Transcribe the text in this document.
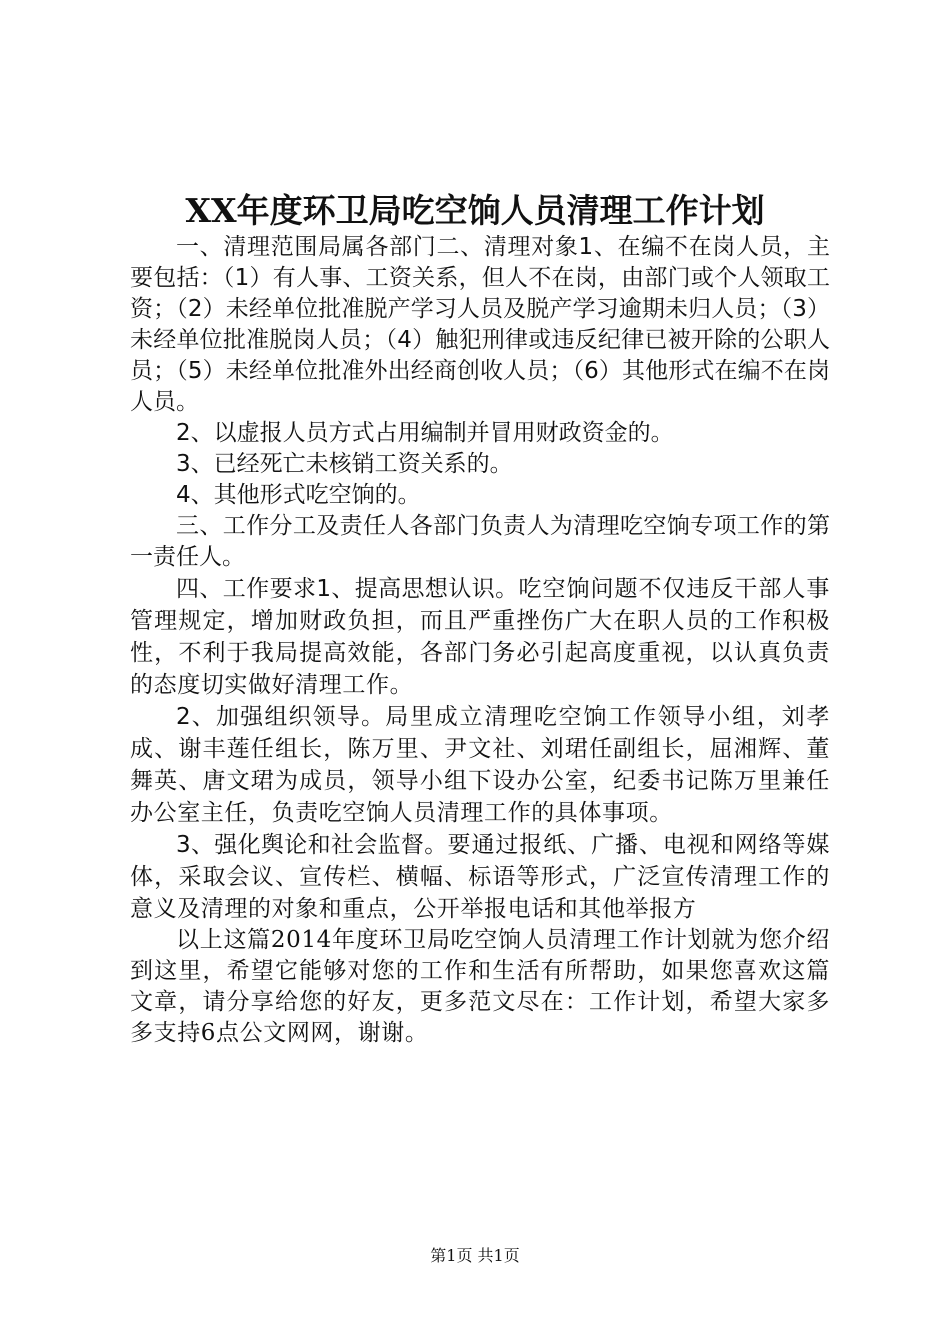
XX年度环卫局吃空饷人员清理工作计划

一、清理范围局属各部门二、清理对象1、在编不在岗人员，主要包括：（1）有人事、工资关系，但人不在岗，由部门或个人领取工资；（2）未经单位批准脱产学习人员及脱产学习逾期未归人员；（3）未经单位批准脱岗人员；（4）触犯刑律或违反纪律已被开除的公职人员；（5）未经单位批准外出经商创收人员；（6）其他形式在编不在岗人员。

2、以虚报人员方式占用编制并冒用财政资金的。

3、已经死亡未核销工资关系的。

4、其他形式吃空饷的。

三、工作分工及责任人各部门负责人为清理吃空饷专项工作的第一责任人。

四、工作要求1、提高思想认识。吃空饷问题不仅违反干部人事管理规定，增加财政负担，而且严重挫伤广大在职人员的工作积极性，不利于我局提高效能，各部门务必引起高度重视，以认真负责的态度切实做好清理工作。

2、加强组织领导。局里成立清理吃空饷工作领导小组，刘孝成、谢丰莲任组长，陈万里、尹文社、刘珺任副组长，屈湘辉、董舞英、唐文珺为成员，领导小组下设办公室，纪委书记陈万里兼任办公室主任，负责吃空饷人员清理工作的具体事项。

3、强化舆论和社会监督。要通过报纸、广播、电视和网络等媒体，采取会议、宣传栏、横幅、标语等形式，广泛宣传清理工作的意义及清理的对象和重点，公开举报电话和其他举报方

以上这篇2014年度环卫局吃空饷人员清理工作计划就为您介绍到这里，希望它能够对您的工作和生活有所帮助，如果您喜欢这篇文章，请分享给您的好友，更多范文尽在：工作计划，希望大家多多支持6点公文网网，谢谢。

第1页 共1页
